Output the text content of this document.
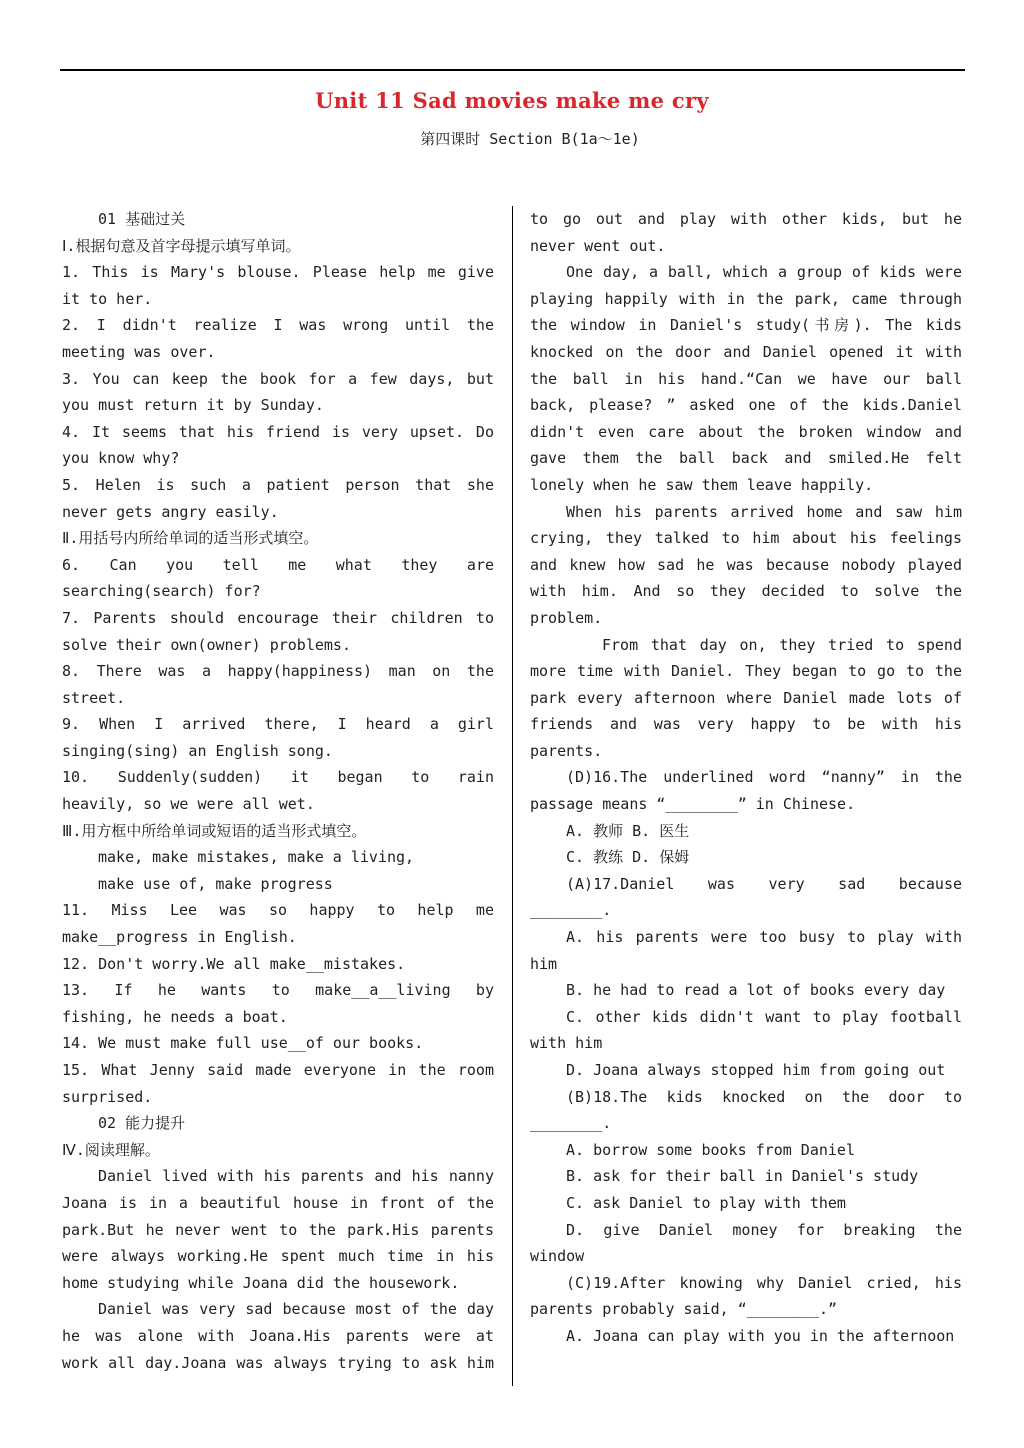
Unit 11 Sad movies make me cry
第四课时 Section B(1a～1e)
01 基础过关
Ⅰ.根据句意及首字母提示填写单词。
1. This is Mary's blouse. Please help me give
it to her.
2. I didn't realize I was wrong until the
meeting was over.
3. You can keep the book for a few days, but
you must return it by Sunday.
4. It seems that his friend is very upset. Do
you know why?
5. Helen is such a patient person that she
never gets angry easily.
Ⅱ.用括号内所给单词的适当形式填空。
6. Can you tell me what they are
searching(search) for?
7. Parents should encourage their children to
solve their own(owner) problems.
8. There was a happy(happiness) man on the
street.
9. When I arrived there, I heard a girl
singing(sing) an English song.
10. Suddenly(sudden) it began to rain
heavily, so we were all wet.
Ⅲ.用方框中所给单词或短语的适当形式填空。
make, make mistakes, make a living,
make use of, make progress
11. Miss Lee was so happy to help me
make__progress in English.
12. Don't worry.We all make__mistakes.
13. If he wants to make__a__living by
fishing, he needs a boat.
14. We must make full use__of our books.
15. What Jenny said made everyone in the room
surprised.
02 能力提升
Ⅳ.阅读理解。
Daniel lived with his parents and his nanny
Joana is in a beautiful house in front of the
park.But he never went to the park.His parents
were always working.He spent much time in his
home studying while Joana did the housework.
Daniel was very sad because most of the day
he was alone with Joana.His parents were at
work all day.Joana was always trying to ask him
to go out and play with other kids, but he
never went out.
One day, a ball, which a group of kids were
playing happily with in the park, came through
the window in Daniel's study(书房). The kids
knocked on the door and Daniel opened it with
the ball in his hand.“Can we have our ball
back, please? ” asked one of the kids.Daniel
didn't even care about the broken window and
gave them the ball back and smiled.He felt
lonely when he saw them leave happily.
When his parents arrived home and saw him
crying, they talked to him about his feelings
and knew how sad he was because nobody played
with him. And so they decided to solve the
problem.
From that day on, they tried to spend
more time with Daniel. They began to go to the
park every afternoon where Daniel made lots of
friends and was very happy to be with his
parents.
(D)16.The underlined word “nanny” in the
passage means “________” in Chinese.
A. 教师 B. 医生
C. 教练 D. 保姆
(A)17.Daniel was very sad because
________.
A. his parents were too busy to play with
him
B. he had to read a lot of books every day
C. other kids didn't want to play football
with him
D. Joana always stopped him from going out
(B)18.The kids knocked on the door to
________.
A. borrow some books from Daniel
B. ask for their ball in Daniel's study
C. ask Daniel to play with them
D. give Daniel money for breaking the
window
(C)19.After knowing why Daniel cried, his
parents probably said, “________.”
A. Joana can play with you in the afternoon
